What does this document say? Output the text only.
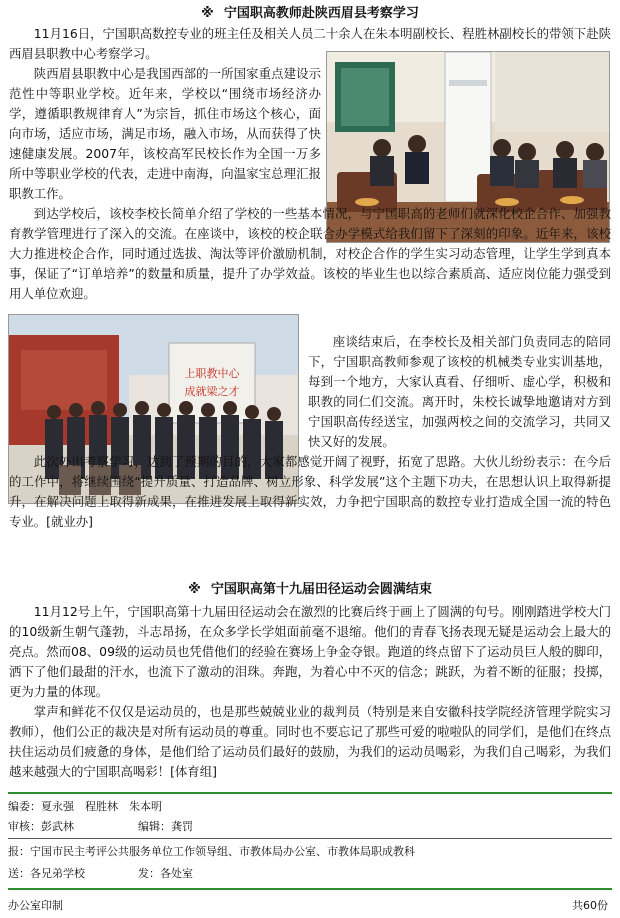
※ 宁国职高教师赴陕西眉县考察学习
11月16日，宁国职高数控专业的班主任及相关人员二十余人在朱本明副校长、程胜林副校长的带领下赴陕西眉县职教中心考察学习。
陕西眉县职教中心是我国西部的一所国家重点建设示范性中等职业学校。近年来，学校以“围绕市场经济办学，遵循职教规律育人”为宗旨，抓住市场这个核心，面向市场，适应市场，满足市场，融入市场，从而获得了快速健康发展。2007年，该校高军民校长作为全国一万多所中等职业学校的代表，走进中南海，向温家宝总理汇报职教工作。
到达学校后，该校李校长简单介绍了学校的一些基本情况，与宁国职高的老师们就深化校企合作、加强教育教学管理进行了深入的交流。在座谈中，该校的校企联合办学模式给我们留下了深刻的印象。近年来，该校大力推进校企合作，同时通过选拔、淘汰等评价激励机制，对校企合作的学生实习动态管理，让学生学到真本事，保证了“订单培养”的数量和质量，提升了办学效益。该校的毕业生也以综合素质高、适应岗位能力强受到用人单位欢迎。
上职教中心
成就梁之才
座谈结束后，在李校长及相关部门负责同志的陪同下，宁国职高教师参观了该校的机械类专业实训基地，每到一个地方，大家认真看、仔细听、虚心学，积极和职教的同仁们交流。离开时，朱校长诚挚地邀请对方到宁国职高传经送宝，加强两校之间的交流学习，共同又快又好的发展。
此次外出考察学习，达到了预期的目的，大家都感觉开阔了视野，拓宽了思路。大伙儿纷纷表示：在今后的工作中，将继续围绕“提升质量、打造品牌、树立形象、科学发展”这个主题下功夫，在思想认识上取得新提升，在解决问题上取得新成果，在推进发展上取得新实效，力争把宁国职高的数控专业打造成全国一流的特色专业。[就业办]
※ 宁国职高第十九届田径运动会圆满结束
11月12号上午，宁国职高第十九届田径运动会在激烈的比赛后终于画上了圆满的句号。刚刚踏进学校大门的10级新生朝气蓬勃，斗志昂扬，在众多学长学姐面前毫不退缩。他们的青春飞扬表现无疑是运动会上最大的亮点。然而08、09级的运动员也凭借他们的经验在赛场上争金夺银。跑道的终点留下了运动员巨人般的脚印，洒下了他们最甜的汗水，也流下了激动的泪珠。奔跑，为着心中不灭的信念；跳跃，为着不断的征服；投掷，更为力量的体现。
掌声和鲜花不仅仅是运动员的，也是那些兢兢业业的裁判员（特别是来自安徽科技学院经济管理学院实习教师），他们公正的裁决是对所有运动员的尊重。同时也不要忘记了那些可爱的啦啦队的同学们，是他们在终点扶住运动员们疲惫的身体，是他们给了运动员们最好的鼓励，为我们的运动员喝彩，为我们自己喝彩，为我们越来越强大的宁国职高喝彩！[体育组]
编委：夏永强　程胜林　朱本明
审核：彭武林	编辑：龚罚
报：宁国市民主考评公共服务单位工作领导组、市教体局办公室、市教体局职成教科
送：各兄弟学校	发：各处室
办公室印制	共60份
